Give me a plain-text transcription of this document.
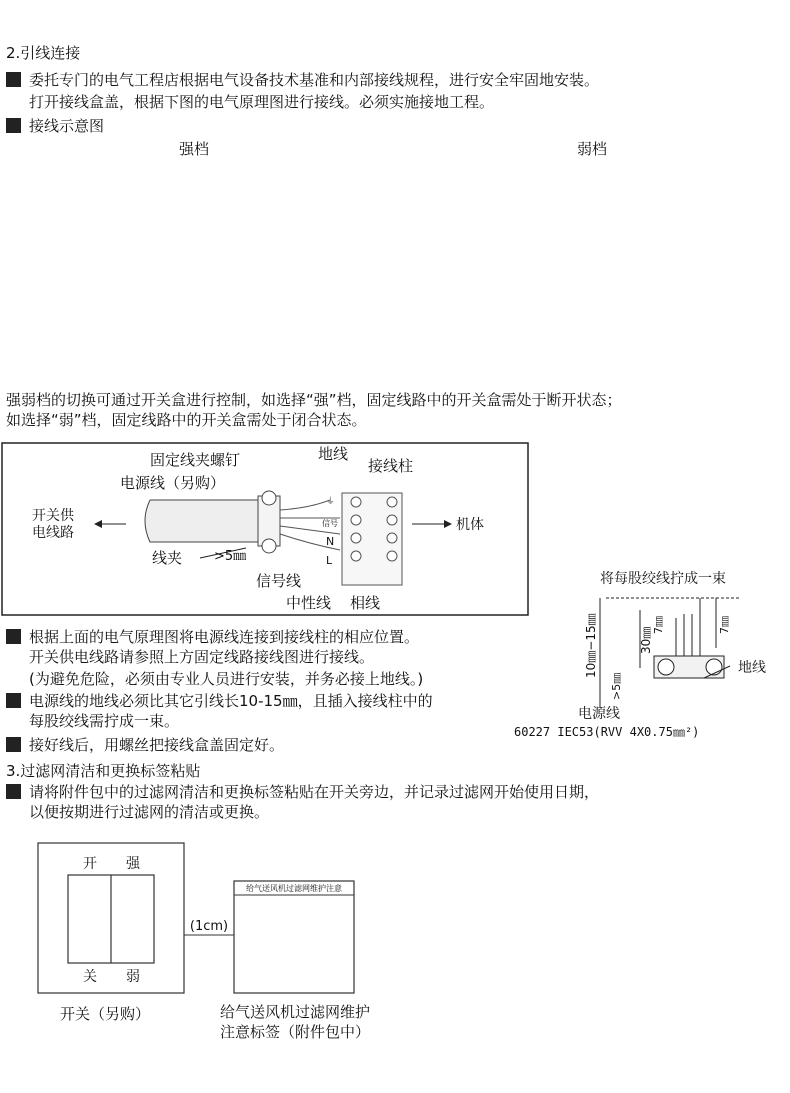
2.引线连接
委托专门的电气工程店根据电气设备技术基准和内部接线规程，进行安全牢固地安装。
打开接线盒盖，根据下图的电气原理图进行接线。必须实施接地工程。
接线示意图
强档	弱档
强弱档的切换可通过开关盒进行控制，如选择“强”档，固定线路中的开关盒需处于断开状态；
如选择“弱”档，固定线路中的开关盒需处于闭合状态。
固定线夹螺钉	地线
接线柱
电源线（另购）
开关供
电线路	机体
⏚
信号
N
L
线夹 >5㎜
信号线
中性线 相线
将每股绞线拧成一束
10㎜−15㎜	30㎜
7㎜	7㎜
>5㎜
地线
电源线
60227 IEC53(RVV 4X0.75㎜²)
根据上面的电气原理图将电源线连接到接线柱的相应位置。
开关供电线路请参照上方固定线路接线图进行接线。
(为避免危险，必须由专业人员进行安装，并务必接上地线。)
电源线的地线必须比其它引线长10-15㎜，且插入接线柱中的
每股绞线需拧成一束。
接好线后，用螺丝把接线盒盖固定好。
3.过滤网清洁和更换标签粘贴
请将附件包中的过滤网清洁和更换标签粘贴在开关旁边，并记录过滤网开始使用日期，
以便按期进行过滤网的清洁或更换。
开 强
关 弱
(1cm)
给气送风机过滤网维护注意
开关（另购）	给气送风机过滤网维护
注意标签（附件包中）
